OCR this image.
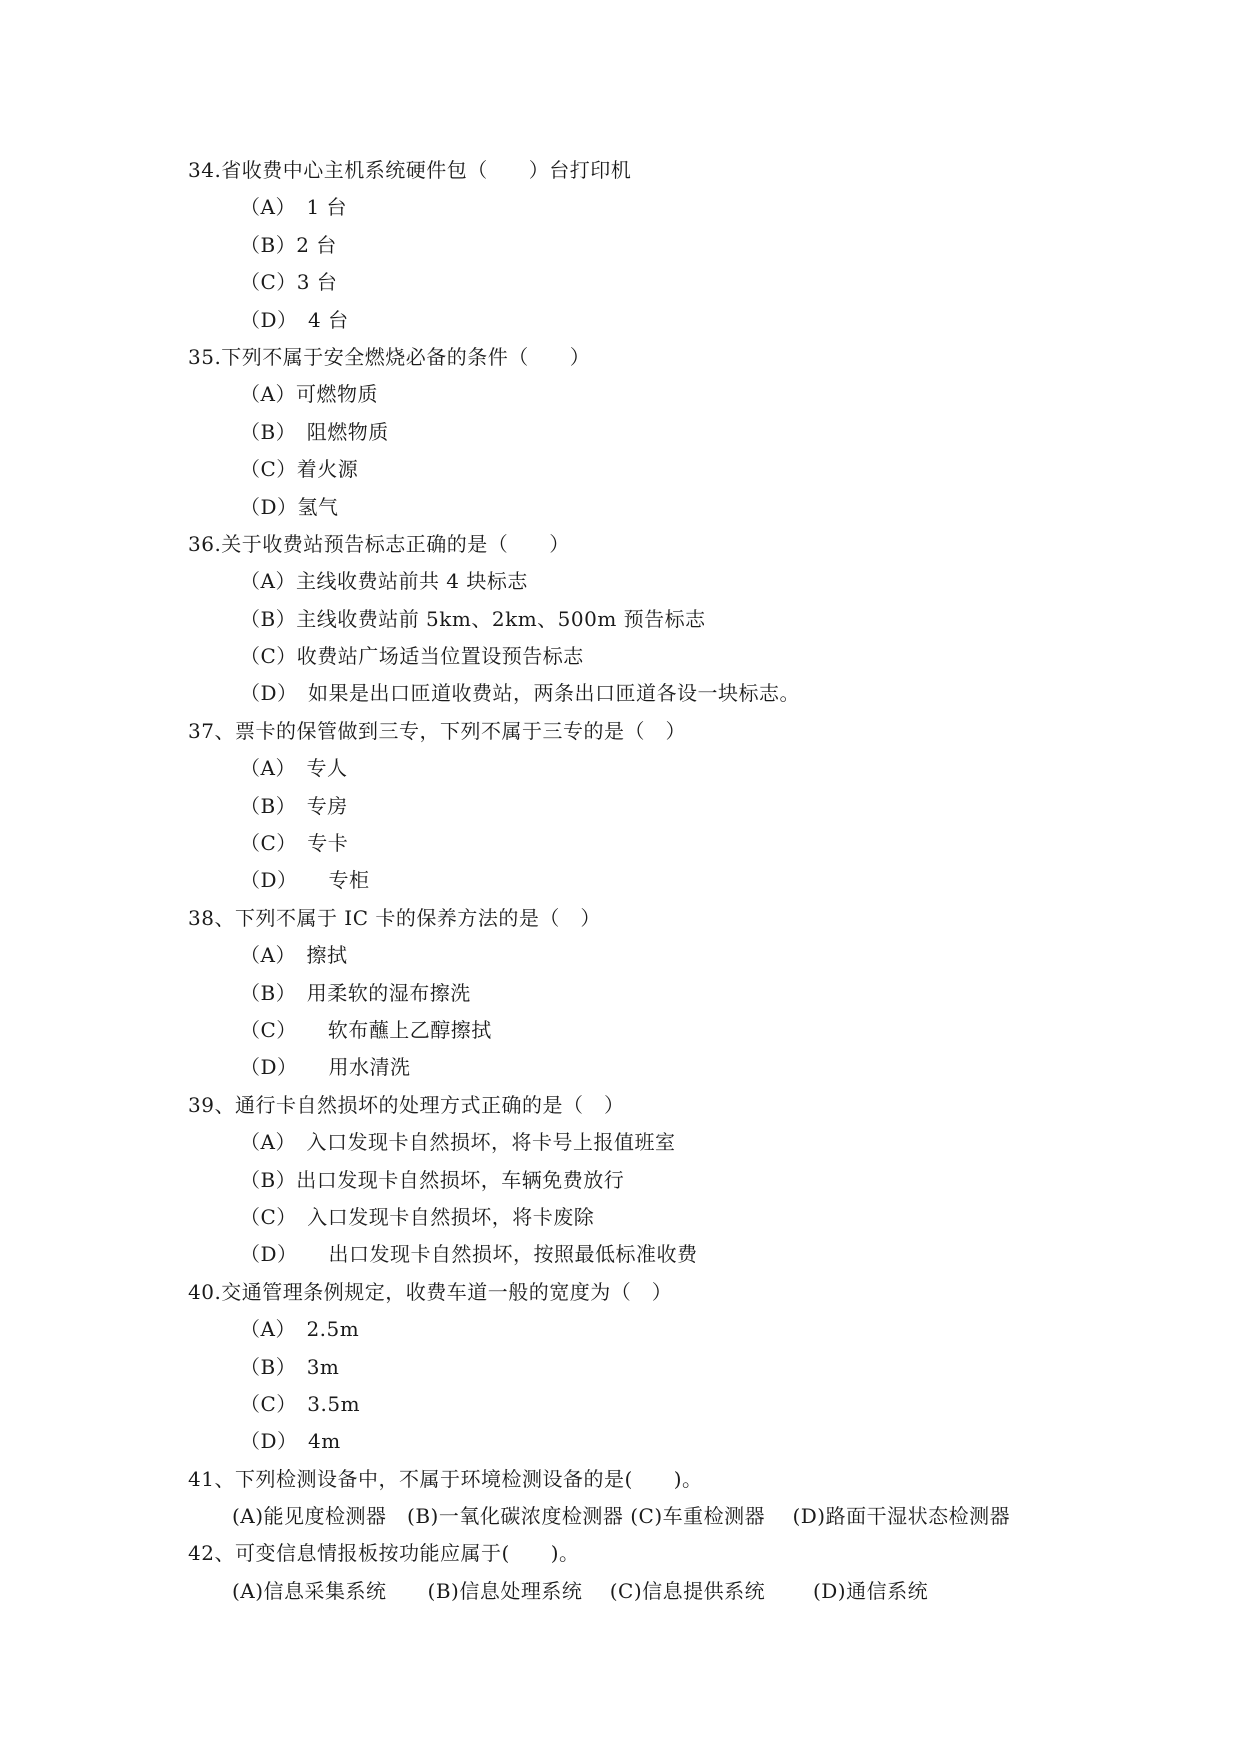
34.省收费中心主机系统硬件包（　　）台打印机
（A）　1 台
（B）2 台
（C）3 台
（D）　4 台
35.下列不属于安全燃烧必备的条件（　　）
（A）可燃物质
（B）　阻燃物质
（C）着火源
（D）氢气
36.关于收费站预告标志正确的是（　　）
（A）主线收费站前共 4 块标志
（B）主线收费站前 5km、2km、500m 预告标志
（C）收费站广场适当位置设预告标志
（D）　如果是出口匝道收费站，两条出口匝道各设一块标志。
37、票卡的保管做到三专，下列不属于三专的是（　）
（A）　专人
（B）　专房
（C）　专卡
（D）　　专柜
38、下列不属于 IC 卡的保养方法的是（　）
（A）　擦拭
（B）　用柔软的湿布擦洗
（C）　　软布蘸上乙醇擦拭
（D）　　用水清洗
39、通行卡自然损坏的处理方式正确的是（　）
（A）　入口发现卡自然损坏，将卡号上报值班室
（B）出口发现卡自然损坏，车辆免费放行
（C）　入口发现卡自然损坏，将卡废除
（D）　　出口发现卡自然损坏，按照最低标准收费
40.交通管理条例规定，收费车道一般的宽度为（　）
（A）　2.5m
（B）　3m
（C）　3.5m
（D）　4m
41、下列检测设备中，不属于环境检测设备的是(　　)。
(A)能见度检测器　(B)一氧化碳浓度检测器 (C)车重检测器　 (D)路面干湿状态检测器
42、可变信息情报板按功能应属于(　　)。
(A)信息采集系统　　(B)信息处理系统　 (C)信息提供系统　　 (D)通信系统
